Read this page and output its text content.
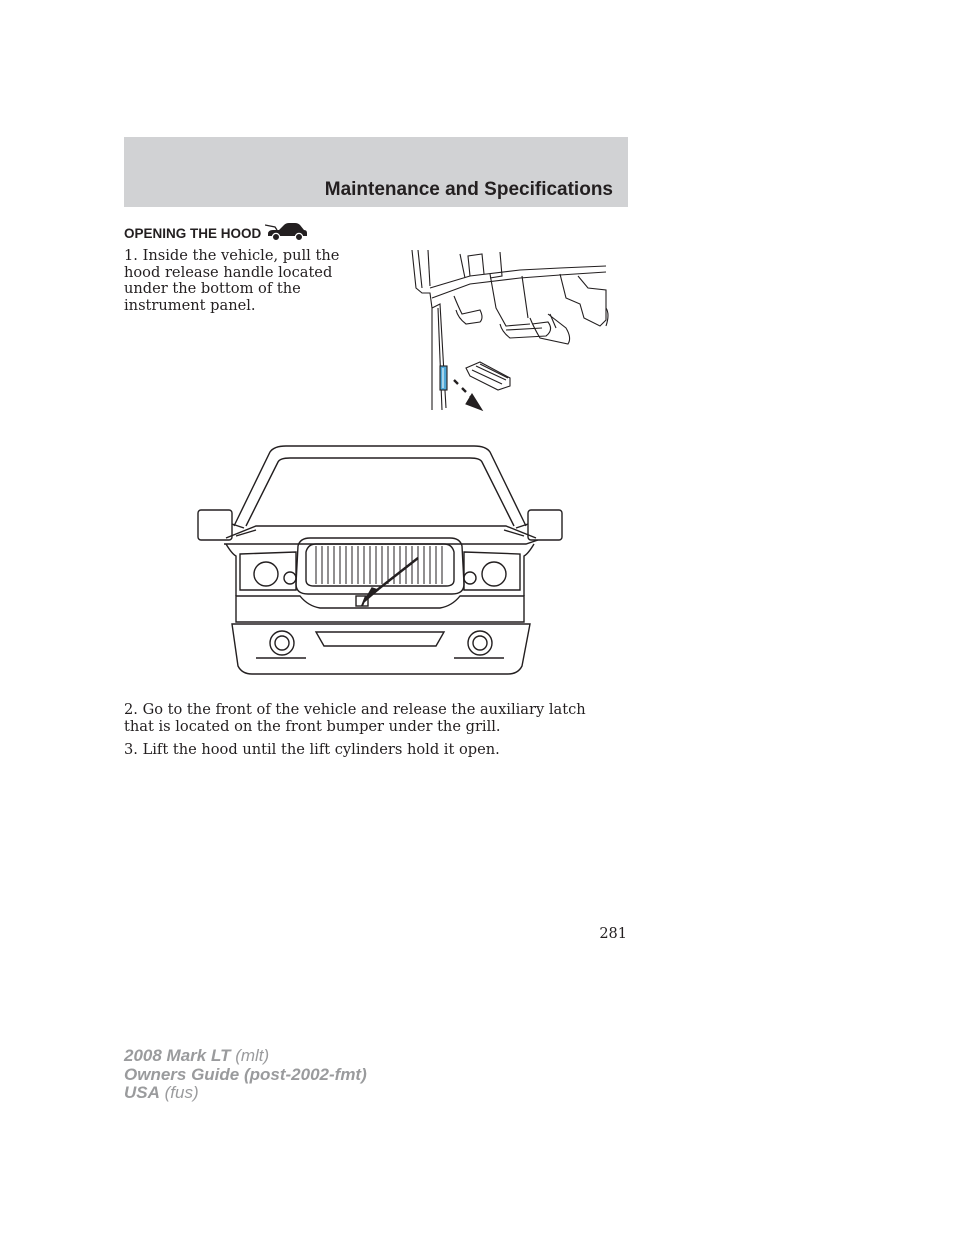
Maintenance and Specifications
OPENING THE HOOD

1. Inside the vehicle, pull the hood release handle located under the bottom of the instrument panel.

2. Go to the front of the vehicle and release the auxiliary latch that is located on the front bumper under the grill.

3. Lift the hood until the lift cylinders hold it open.

281
2008 Mark LT (mlt)
Owners Guide (post-2002-fmt)
USA (fus)
